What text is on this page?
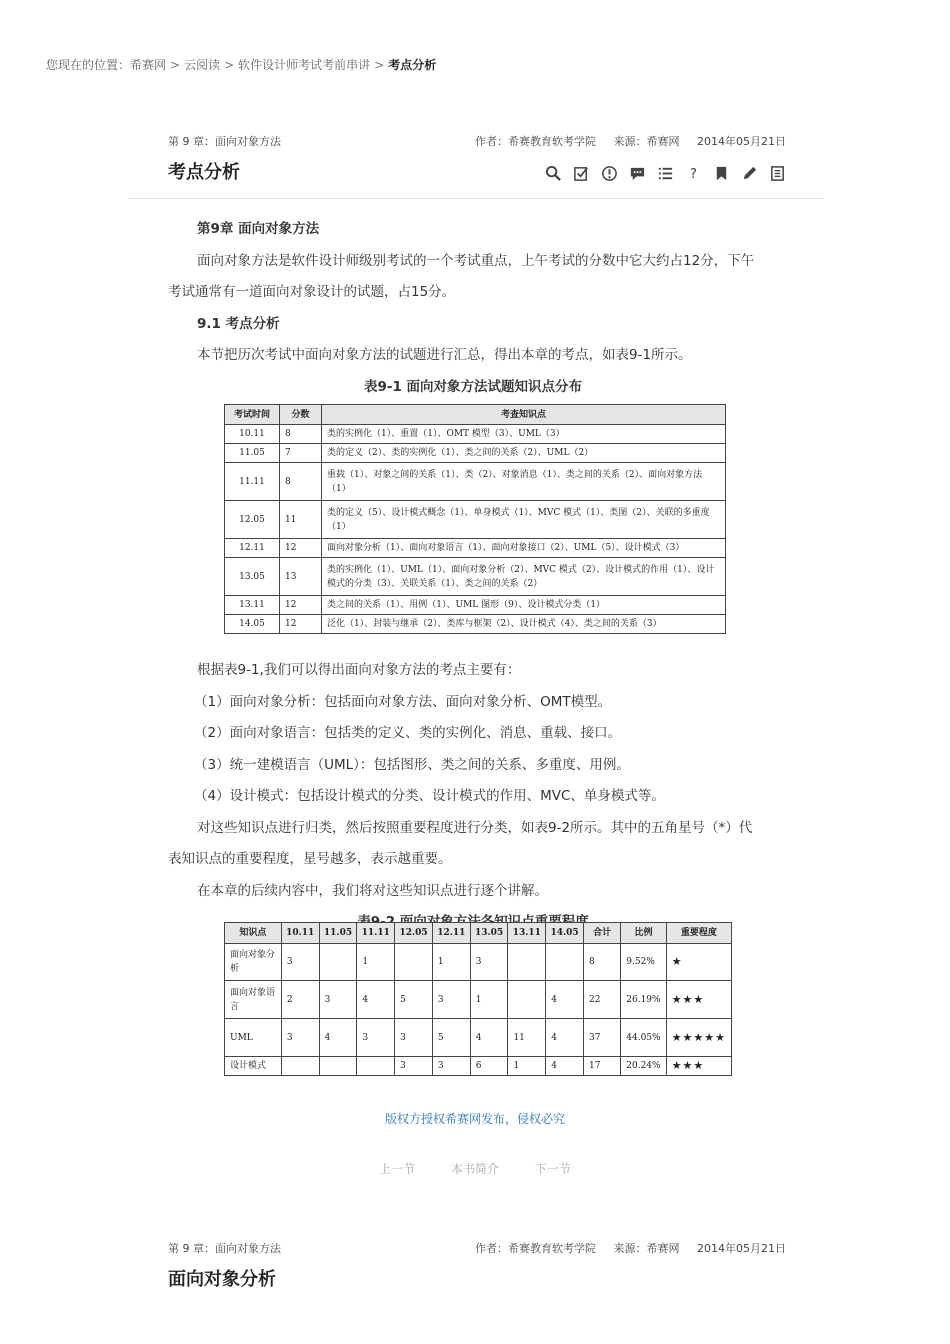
您现在的位置：希赛网 > 云阅读 > 软件设计师考试考前串讲 > 考点分析
第 9 章：面向对象方法	作者：希赛教育软考学院 来源：希赛网 2014年05月21日
考点分析	?

第9章 面向对象方法

面向对象方法是软件设计师级别考试的一个考试重点，上午考试的分数中它大约占12分，下午

考试通常有一道面向对象设计的试题，占15分。

9.1 考点分析

本节把历次考试中面向对象方法的试题进行汇总，得出本章的考点，如表9-1所示。

表9-1 面向对象方法试题知识点分布

根据表9-1,我们可以得出面向对象方法的考点主要有：

（1）面向对象分析：包括面向对象方法、面向对象分析、OMT模型。

（2）面向对象语言：包括类的定义、类的实例化、消息、重载、接口。

（3）统一建模语言（UML）：包括图形、类之间的关系、多重度、用例。

（4）设计模式：包括设计模式的分类、设计模式的作用、MVC、单身模式等。

对这些知识点进行归类，然后按照重要程度进行分类，如表9-2所示。其中的五角星号（*）代

表知识点的重要程度，星号越多，表示越重要。

在本章的后续内容中，我们将对这些知识点进行逐个讲解。

考试时间	分数	考查知识点
10.11	8	类的实例化（1）、重置（1）、OMT 模型（3）、UML（3）
11.05	7	类的定义（2）、类的实例化（1）、类之间的关系（2）、UML（2）
11.11	8	重载（1）、对象之间的关系（1）、类（2）、对象消息（1）、类之间的关系（2）、面向对象方法（1）
12.05	11	类的定义（5）、设计模式概念（1）、单身模式（1）、MVC 模式（1）、类图（2）、关联的多重度（1）
12.11	12	面向对象分析（1）、面向对象语言（1）、面向对象接口（2）、UML（5）、设计模式（3）
13.05	13	类的实例化（1）、UML（1）、面向对象分析（2）、MVC 模式（2）、设计模式的作用（1）、设计模式的分类（3）、关联关系（1）、类之间的关系（2）
13.11	12	类之间的关系（1）、用例（1）、UML 图形（9）、设计模式分类（1）
14.05	12	泛化（1）、封装与继承（2）、类库与框架（2）、设计模式（4）、类之间的关系（3）
知识点	10.11	11.05	11.11	12.05	12.11	13.05	13.11	14.05	合计	比例	重要程度
面向对象分析	3		1		1	3			8	9.52%	★
面向对象语言	2	3	4	5	3	1		4	22	26.19%	★★★
UML	3	4	3	3	5	4	11	4	37	44.05%	★★★★★
设计模式				3	3	6	1	4	17	20.24%	★★★
版权方授权希赛网发布，侵权必究
上一节	本书简介	下一节
第 9 章：面向对象方法	作者：希赛教育软考学院 来源：希赛网 2014年05月21日
面向对象分析
